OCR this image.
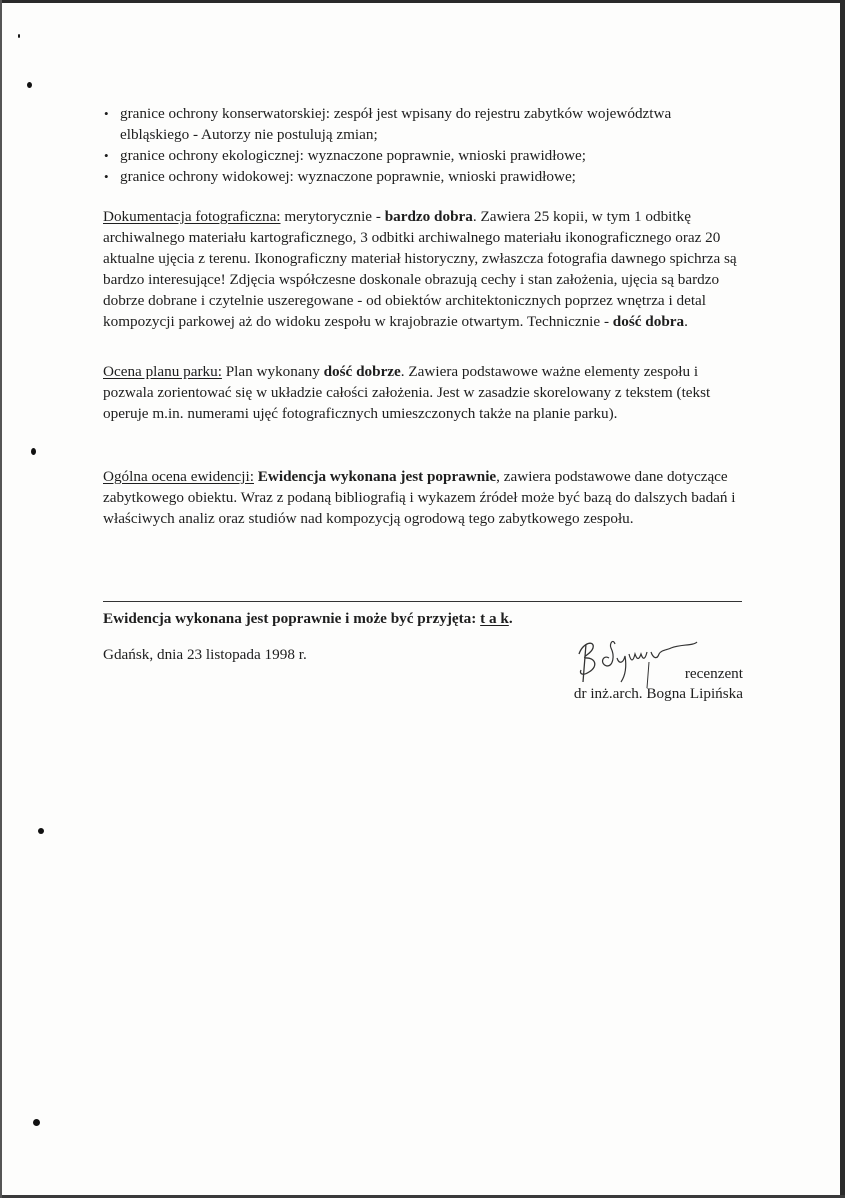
• granice ochrony konserwatorskiej: zespół jest wpisany do rejestru zabytków województwa elbląskiego - Autorzy nie postulują zmian;
• granice ochrony ekologicznej: wyznaczone poprawnie, wnioski prawidłowe;
• granice ochrony widokowej: wyznaczone poprawnie, wnioski prawidłowe;

Dokumentacja fotograficzna: merytorycznie - bardzo dobra. Zawiera 25 kopii, w tym 1 odbitkę archiwalnego materiału kartograficznego, 3 odbitki archiwalnego materiału ikonograficznego oraz 20 aktualne ujęcia z terenu. Ikonograficzny materiał historyczny, zwłaszcza fotografia dawnego spichrza są bardzo interesujące! Zdjęcia współczesne doskonale obrazują cechy i stan założenia, ujęcia są bardzo dobrze dobrane i czytelnie uszeregowane - od obiektów architektonicznych poprzez wnętrza i detal kompozycji parkowej aż do widoku zespołu w krajobrazie otwartym. Technicznie - dość dobra.

Ocena planu parku: Plan wykonany dość dobrze. Zawiera podstawowe ważne elementy zespołu i pozwala zorientować się w układzie całości założenia. Jest w zasadzie skorelowany z tekstem (tekst operuje m.in. numerami ujęć fotograficznych umieszczonych także na planie parku).

Ogólna ocena ewidencji: Ewidencja wykonana jest poprawnie, zawiera podstawowe dane dotyczące zabytkowego obiektu. Wraz z podaną bibliografią i wykazem źródeł może być bazą do dalszych badań i właściwych analiz oraz studiów nad kompozycją ogrodową tego zabytkowego zespołu.

Ewidencja wykonana jest poprawnie i może być przyjęta: t a k.

Gdańsk, dnia 23 listopada 1998 r.

recenzent

dr inż.arch. Bogna Lipińska
